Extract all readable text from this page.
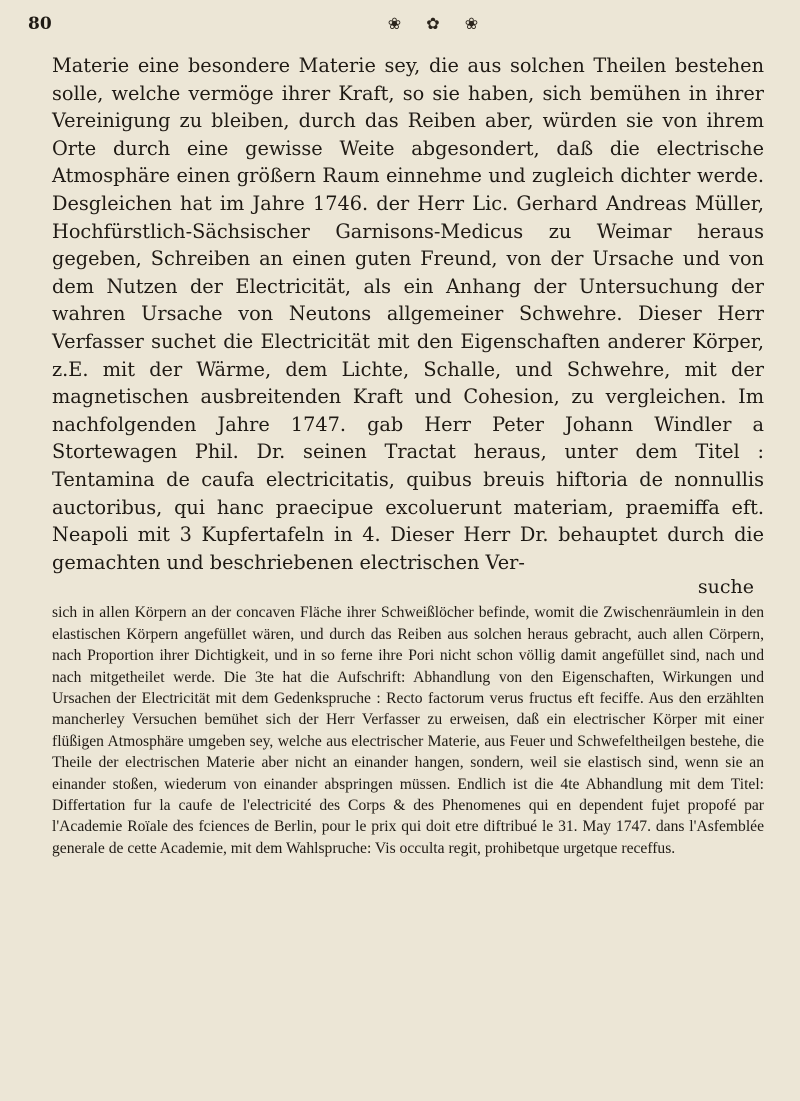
80	❀ ✿ ❀

Materie eine besondere Materie sey, die aus solchen Theilen bestehen solle, welche vermöge ihrer Kraft, so sie haben, sich bemühen in ihrer Vereinigung zu bleiben, durch das Reiben aber, würden sie von ihrem Orte durch eine gewisse Weite abgesondert, daß die electrische Atmosphäre einen größern Raum einnehme und zugleich dichter werde. Desgleichen hat im Jahre 1746. der Herr Lic. Gerhard Andreas Müller, Hochfürstlich-Sächsischer Garnisons-Medicus zu Weimar heraus gegeben, Schreiben an einen guten Freund, von der Ursache und von dem Nutzen der Electricität, als ein Anhang der Untersuchung der wahren Ursache von Neutons allgemeiner Schwehre. Dieser Herr Verfasser suchet die Electricität mit den Eigenschaften anderer Körper, z.E. mit der Wärme, dem Lichte, Schalle, und Schwehre, mit der magnetischen ausbreitenden Kraft und Cohesion, zu vergleichen. Im nachfolgenden Jahre 1747. gab Herr Peter Johann Windler a Stortewagen Phil. Dr. seinen Tractat heraus, unter dem Titel : Tentamina de caufa electricitatis, quibus breuis hiftoria de nonnullis auctoribus, qui hanc praecipue excoluerunt materiam, praemiffa eft. Neapoli mit 3 Kupfertafeln in 4. Dieser Herr Dr. behauptet durch die gemachten und beschriebenen electrischen Ver-

suche

sich in allen Körpern an der concaven Fläche ihrer Schweißlöcher befinde, womit die Zwischenräumlein in den elastischen Körpern angefüllet wären, und durch das Reiben aus solchen heraus gebracht, auch allen Cörpern, nach Proportion ihrer Dichtigkeit, und in so ferne ihre Pori nicht schon völlig damit angefüllet sind, nach und nach mitgetheilet werde. Die 3te hat die Aufschrift: Abhandlung von den Eigenschaften, Wirkungen und Ursachen der Electricität mit dem Gedenkspruche : Recto factorum verus fructus eft feciffe. Aus den erzählten mancherley Versuchen bemühet sich der Herr Verfasser zu erweisen, daß ein electrischer Körper mit einer flüßigen Atmosphäre umgeben sey, welche aus electrischer Materie, aus Feuer und Schwefeltheilgen bestehe, die Theile der electrischen Materie aber nicht an einander hangen, sondern, weil sie elastisch sind, wenn sie an einander stoßen, wiederum von einander abspringen müssen. Endlich ist die 4te Abhandlung mit dem Titel: Differtation fur la caufe de l'electricité des Corps & des Phenomenes qui en dependent fujet propofé par l'Academie Roïale des fciences de Berlin, pour le prix qui doit etre diftribué le 31. May 1747. dans l'Asfemblée generale de cette Academie, mit dem Wahlspruche: Vis occulta regit, prohibetque urgetque receffus.
